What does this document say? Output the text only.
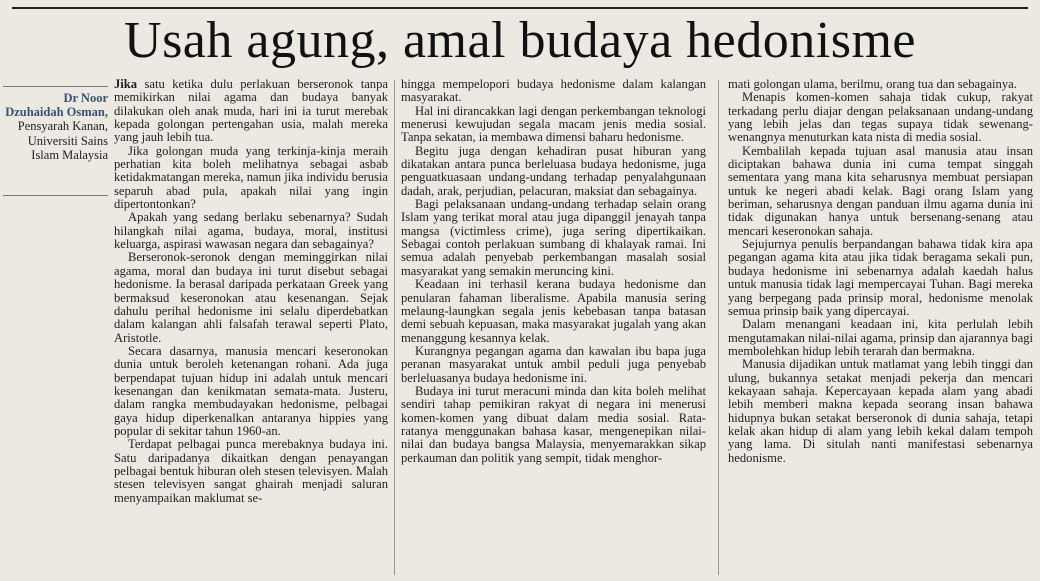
Usah agung, amal budaya hedonisme
Dr Noor Dzuhaidah Osman,
Pensyarah Kanan, Universiti Sains Islam Malaysia

Jika satu ketika dulu perlakuan berseronok tanpa memikirkan nilai agama dan budaya banyak dilakukan oleh anak muda, hari ini ia turut merebak kepada golongan pertengahan usia, malah mereka yang jauh lebih tua.

Jika golongan muda yang terkinja-kinja meraih perhatian kita boleh melihatnya sebagai asbab ketidakmatangan mereka, namun jika individu berusia separuh abad pula, apakah nilai yang ingin dipertontonkan?

Apakah yang sedang berlaku sebenarnya? Sudah hilangkah nilai agama, budaya, moral, institusi keluarga, aspirasi wawasan negara dan sebagainya?

Berseronok-seronok dengan meminggirkan nilai agama, moral dan budaya ini turut disebut sebagai hedonisme. Ia berasal daripada perkataan Greek yang bermaksud keseronokan atau kesenangan. Sejak dahulu perihal hedonisme ini selalu diperdebatkan dalam kalangan ahli falsafah terawal seperti Plato, Aristotle.

Secara dasarnya, manusia mencari keseronokan dunia untuk beroleh ketenangan rohani. Ada juga berpendapat tujuan hidup ini adalah untuk mencari kesenangan dan kenikmatan semata-mata. Justeru, dalam rangka membudayakan hedonisme, pelbagai gaya hidup diperkenalkan antaranya hippies yang popular di sekitar tahun 1960-an.

Terdapat pelbagai punca merebaknya budaya ini. Satu daripadanya dikaitkan dengan penayangan pelbagai bentuk hiburan oleh stesen televisyen. Malah stesen televisyen sangat ghairah menjadi saluran menyampaikan maklumat se-

hingga mempelopori budaya hedonisme dalam kalangan masyarakat.

Hal ini dirancakkan lagi dengan perkembangan teknologi menerusi kewujudan segala macam jenis media sosial. Tanpa sekatan, ia membawa dimensi baharu hedonisme.

Begitu juga dengan kehadiran pusat hiburan yang dikatakan antara punca berleluasa budaya hedonisme, juga penguatkuasaan undang-undang terhadap penyalahgunaan dadah, arak, perjudian, pelacuran, maksiat dan sebagainya.

Bagi pelaksanaan undang-undang terhadap selain orang Islam yang terikat moral atau juga dipanggil jenayah tanpa mangsa (victimless crime), juga sering dipertikaikan. Sebagai contoh perlakuan sumbang di khalayak ramai. Ini semua adalah penyebab perkembangan masalah sosial masyarakat yang semakin meruncing kini.

Keadaan ini terhasil kerana budaya hedonisme dan penularan fahaman liberalisme. Apabila manusia sering melaung-laungkan segala jenis kebebasan tanpa batasan demi sebuah kepuasan, maka masyarakat jugalah yang akan menanggung kesannya kelak.

Kurangnya pegangan agama dan kawalan ibu bapa juga peranan masyarakat untuk ambil peduli juga penyebab berleluasanya budaya hedonisme ini.

Budaya ini turut meracuni minda dan kita boleh melihat sendiri tahap pemikiran rakyat di negara ini menerusi komen-komen yang dibuat dalam media sosial. Rata-ratanya menggunakan bahasa kasar, mengenepikan nilai-nilai dan budaya bangsa Malaysia, menyemarakkan sikap perkauman dan politik yang sempit, tidak menghor-

mati golongan ulama, berilmu, orang tua dan sebagainya.

Menapis komen-komen sahaja tidak cukup, rakyat terkadang perlu diajar dengan pelaksanaan undang-undang yang lebih jelas dan tegas supaya tidak sewenang-wenangnya menuturkan kata nista di media sosial.

Kembalilah kepada tujuan asal manusia atau insan diciptakan bahawa dunia ini cuma tempat singgah sementara yang mana kita seharusnya membuat persiapan untuk ke negeri abadi kelak. Bagi orang Islam yang beriman, seharusnya dengan panduan ilmu agama dunia ini tidak digunakan hanya untuk bersenang-senang atau mencari keseronokan sahaja.

Sejujurnya penulis berpandangan bahawa tidak kira apa pegangan agama kita atau jika tidak beragama sekali pun, budaya hedonisme ini sebenarnya adalah kaedah halus untuk manusia tidak lagi mempercayai Tuhan. Bagi mereka yang berpegang pada prinsip moral, hedonisme menolak semua prinsip baik yang dipercayai.

Dalam menangani keadaan ini, kita perlulah lebih mengutamakan nilai-nilai agama, prinsip dan ajarannya bagi membolehkan hidup lebih terarah dan bermakna.

Manusia dijadikan untuk matlamat yang lebih tinggi dan ulung, bukannya setakat menjadi pekerja dan mencari kekayaan sahaja. Kepercayaan kepada alam yang abadi lebih memberi makna kepada seorang insan bahawa hidupnya bukan setakat berseronok di dunia sahaja, tetapi kelak akan hidup di alam yang lebih kekal dalam tempoh yang lama. Di situlah nanti manifestasi sebenarnya hedonisme.
